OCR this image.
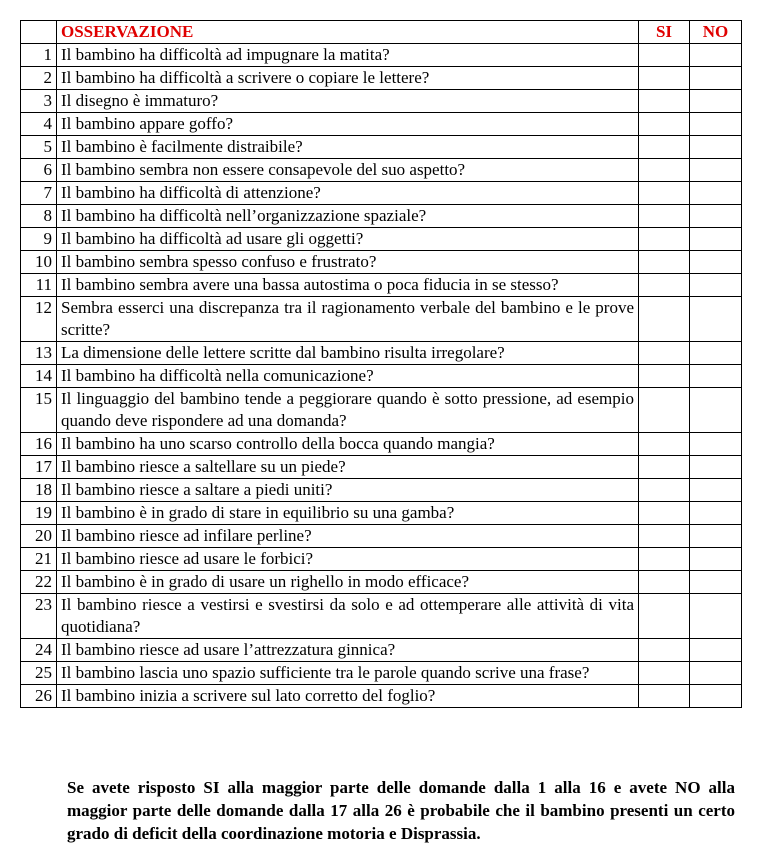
	OSSERVAZIONE	SI	NO
1	Il bambino ha difficoltà ad impugnare la matita?		
2	Il bambino ha difficoltà a scrivere o copiare le lettere?		
3	Il disegno è immaturo?		
4	Il bambino appare goffo?		
5	Il bambino è facilmente distraibile?		
6	Il bambino sembra non essere consapevole del suo aspetto?		
7	Il bambino ha difficoltà di attenzione?		
8	Il bambino ha difficoltà nell’organizzazione spaziale?		
9	Il bambino ha difficoltà ad usare gli oggetti?		
10	Il bambino sembra spesso confuso e frustrato?		
11	Il bambino sembra avere una bassa autostima o poca fiducia in se stesso?		
12	Sembra esserci una discrepanza tra il ragionamento verbale del bambino e le prove scritte?		
13	La dimensione delle lettere scritte dal bambino risulta irregolare?		
14	Il bambino ha difficoltà nella comunicazione?		
15	Il linguaggio del bambino tende a peggiorare quando è sotto pressione, ad esempio quando deve rispondere ad una domanda?		
16	Il bambino ha uno scarso controllo della bocca quando mangia?		
17	Il bambino riesce a saltellare su un piede?		
18	Il bambino riesce a saltare a piedi uniti?		
19	Il bambino è in grado di stare in equilibrio su una gamba?		
20	Il bambino riesce ad infilare perline?		
21	Il bambino riesce ad usare le forbici?		
22	Il bambino è in grado di usare un righello in modo efficace?		
23	Il bambino riesce a vestirsi e svestirsi da solo e ad ottemperare alle attività di vita quotidiana?		
24	Il bambino riesce ad usare l’attrezzatura ginnica?		
25	Il bambino lascia uno spazio sufficiente tra le parole quando scrive una frase?		
26	Il bambino inizia a scrivere sul lato corretto del foglio?		
Se avete risposto SI alla maggior parte delle domande dalla 1 alla 16 e avete NO alla maggior parte delle domande dalla 17 alla 26 è probabile che il bambino presenti un certo grado di deficit della coordinazione motoria e Disprassia.
